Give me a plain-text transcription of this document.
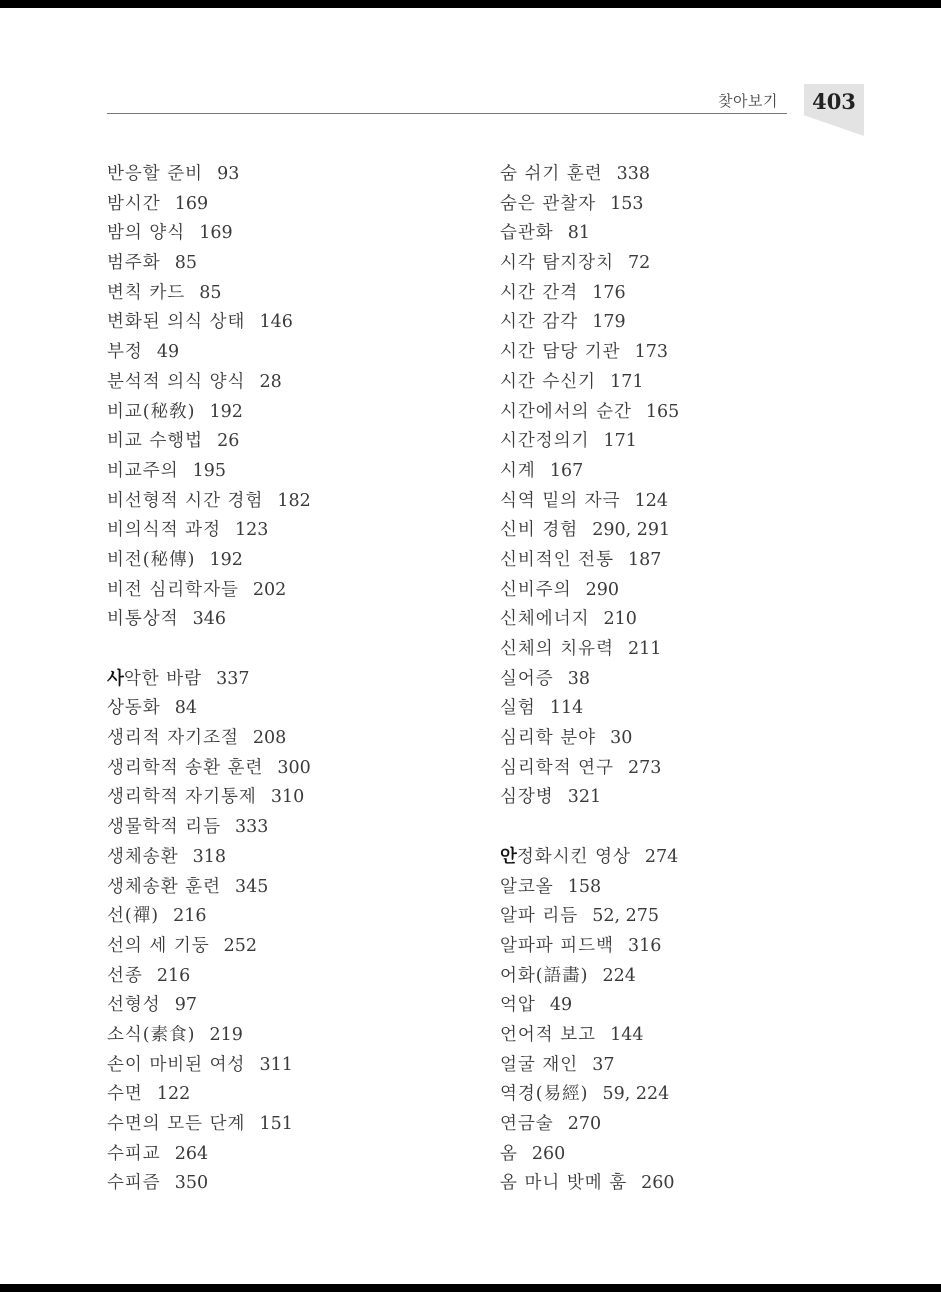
찾아보기	403
반응할 준비 93
밤시간 169
밤의 양식 169
범주화 85
변칙 카드 85
변화된 의식 상태 146
부정 49
분석적 의식 양식 28
비교(秘敎) 192
비교 수행법 26
비교주의 195
비선형적 시간 경험 182
비의식적 과정 123
비전(秘傳) 192
비전 심리학자들 202
비통상적 346
사악한 바람 337
상동화 84
생리적 자기조절 208
생리학적 송환 훈련 300
생리학적 자기통제 310
생물학적 리듬 333
생체송환 318
생체송환 훈련 345
선(禪) 216
선의 세 기둥 252
선종 216
선형성 97
소식(素食) 219
손이 마비된 여성 311
수면 122
수면의 모든 단계 151
수피교 264
수피즘 350
숨 쉬기 훈련 338
숨은 관찰자 153
습관화 81
시각 탐지장치 72
시간 간격 176
시간 감각 179
시간 담당 기관 173
시간 수신기 171
시간에서의 순간 165
시간정의기 171
시계 167
식역 밑의 자극 124
신비 경험 290, 291
신비적인 전통 187
신비주의 290
신체에너지 210
신체의 치유력 211
실어증 38
실험 114
심리학 분야 30
심리학적 연구 273
심장병 321
안정화시킨 영상 274
알코올 158
알파 리듬 52, 275
알파파 피드백 316
어화(語畵) 224
억압 49
언어적 보고 144
얼굴 재인 37
역경(易經) 59, 224
연금술 270
옴 260
옴 마니 밧메 훔 260
